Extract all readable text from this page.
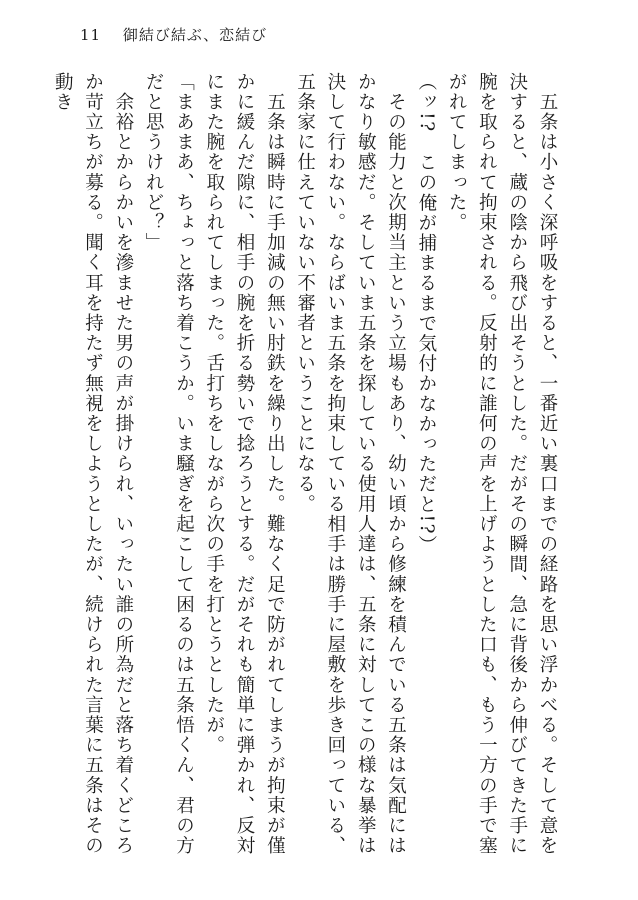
11 御結び結ぶ、恋結び

　五条は小さく深呼吸をすると、一番近い裏口までの経路を思い浮かべる。そして意を決すると、蔵の陰から飛び出そうとした。だがその瞬間、急に背後から伸びてきた手に腕を取られて拘束される。反射的に誰何の声を上げようとした口も、もう一方の手で塞がれてしまった。

（ッ!?　この俺が捕まるまで気付かなかっただと!?）

　その能力と次期当主という立場もあり、幼い頃から修練を積んでいる五条は気配にはかなり敏感だ。そしていま五条を探している使用人達は、五条に対してこの様な暴挙は決して行わない。ならばいま五条を拘束している相手は勝手に屋敷を歩き回っている、五条家に仕えていない不審者ということになる。

　五条は瞬時に手加減の無い肘鉄を繰り出した。難なく足で防がれてしまうが拘束が僅かに緩んだ隙に、相手の腕を折る勢いで捻ろうとする。だがそれも簡単に弾かれ、反対にまた腕を取られてしまった。舌打ちをしながら次の手を打とうとしたが。

「まあまあ、ちょっと落ち着こうか。いま騒ぎを起こして困るのは五条悟くん、君の方だと思うけれど？」

　余裕とからかいを滲ませた男の声が掛けられ、いったい誰の所為だと落ち着くどころか苛立ちが募る。聞く耳を持たず無視をしようとしたが、続けられた言葉に五条はその動き
